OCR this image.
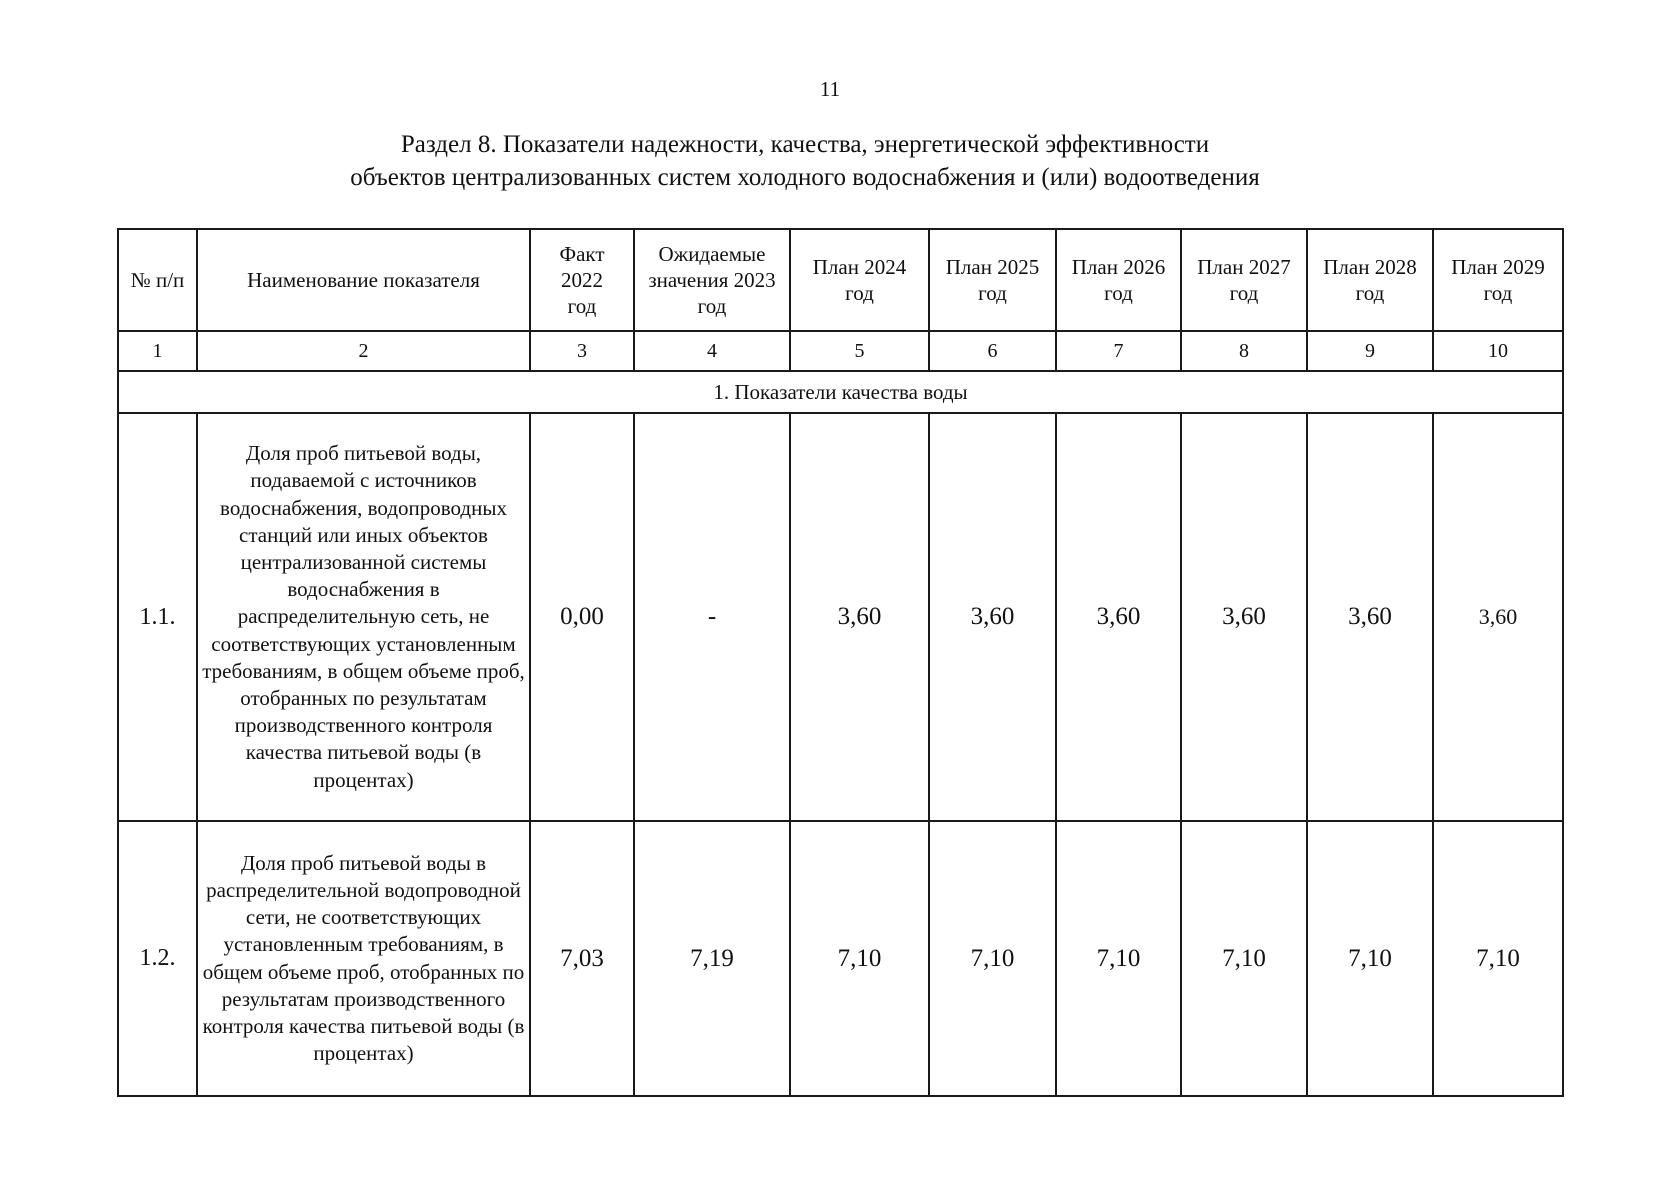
11
Раздел 8. Показатели надежности, качества, энергетической эффективности
объектов централизованных систем холодного водоснабжения и (или) водоотведения
№ п/п	Наименование показателя	Факт 2022 год	Ожидаемые значения 2023 год	План 2024 год	План 2025 год	План 2026 год	План 2027 год	План 2028 год	План 2029 год
1	2	3	4	5	6	7	8	9	10
1. Показатели качества воды									
1.1.	Доля проб питьевой воды, подаваемой с источников водоснабжения, водопроводных станций или иных объектов централизованной системы водоснабжения в распределительную сеть, не соответствующих установленным требованиям, в общем объеме проб, отобранных по результатам производственного контроля качества питьевой воды (в процентах)	0,00	-	3,60	3,60	3,60	3,60	3,60	3,60
1.2.	Доля проб питьевой воды в распределительной водопроводной сети, не соответствующих установленным требованиям, в общем объеме проб, отобранных по результатам производственного контроля качества питьевой воды (в процентах)	7,03	7,19	7,10	7,10	7,10	7,10	7,10	7,10
